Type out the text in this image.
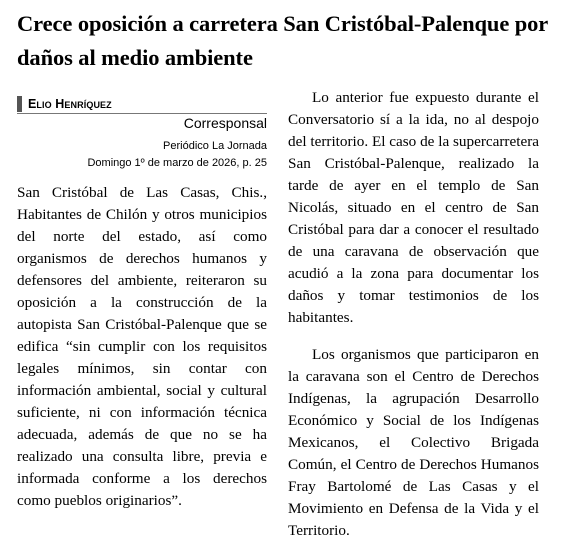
Crece oposición a carretera San Cristóbal-Palenque por daños al medio ambiente
Elio Henríquez
Corresponsal
Periódico La Jornada
Domingo 1º de marzo de 2026, p. 25

San Cristóbal de Las Casas, Chis., Habitantes de Chilón y otros municipios del norte del estado, así como organismos de derechos humanos y defensores del ambiente, reiteraron su oposición a la construcción de la autopista San Cristóbal-Palenque que se edifica “sin cumplir con los requisitos legales mínimos, sin contar con información ambiental, social y cultural suficiente, ni con información técnica adecuada, además de que no se ha realizado una consulta libre, previa e informada conforme a los derechos como pueblos originarios”.

Lo anterior fue expuesto durante el Conversatorio sí a la ida, no al despojo del territorio. El caso de la supercarretera San Cristóbal-Palenque, realizado la tarde de ayer en el templo de San Nicolás, situado en el centro de San Cristóbal para dar a conocer el resultado de una caravana de observación que acudió a la zona para documentar los daños y tomar testimonios de los habitantes.

Los organismos que participaron en la caravana son el Centro de Derechos Indígenas, la agrupación Desarrollo Económico y Social de los Indígenas Mexicanos, el Colectivo Brigada Común, el Centro de Derechos Humanos Fray Bartolomé de Las Casas y el Movimiento en Defensa de la Vida y el Territorio.
